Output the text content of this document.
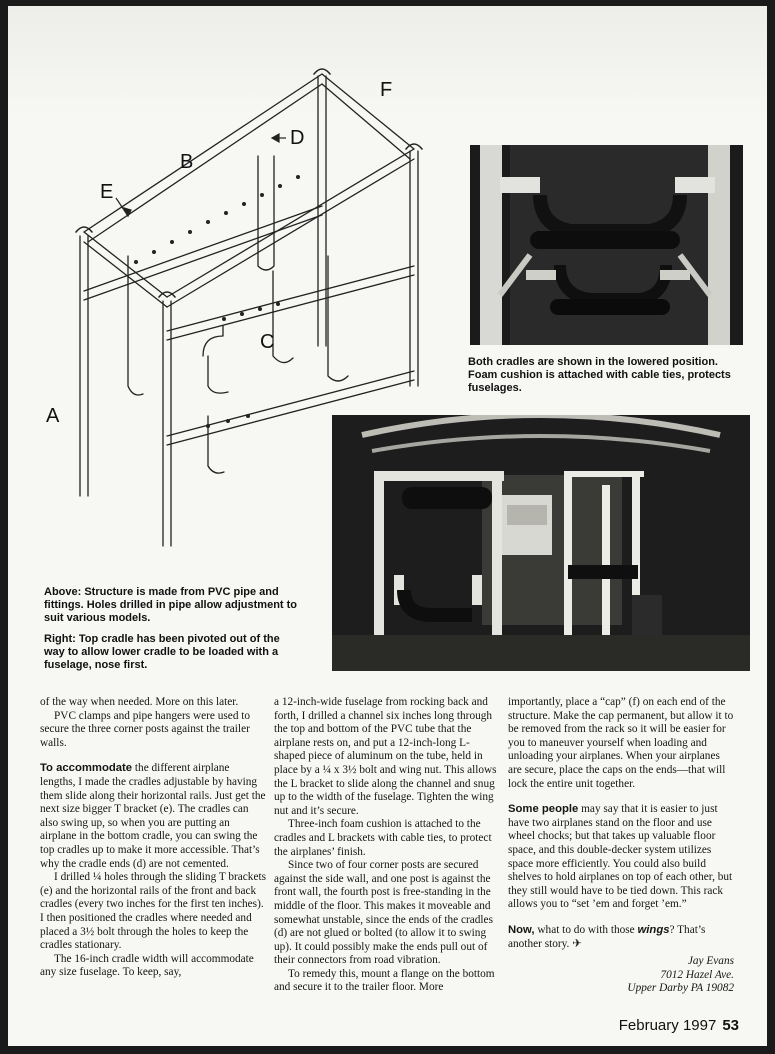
A
B
C
D
E
F

Both cradles are shown in the lowered position. Foam cushion is attached with cable ties, protects fuselages.

Above: Structure is made from PVC pipe and fittings. Holes drilled in pipe allow adjustment to suit various models.

Right: Top cradle has been pivoted out of the way to allow lower cradle to be loaded with a fuselage, nose first.

of the way when needed. More on this later.

PVC clamps and pipe hangers were used to secure the three corner posts against the trailer walls.

To accommodate the different airplane lengths, I made the cradles adjustable by having them slide along their horizontal rails. Just get the next size bigger T bracket (e). The cradles can also swing up, so when you are putting an airplane in the bottom cradle, you can swing the top cradles up to make it more accessible. That’s why the cradle ends (d) are not cemented.

I drilled ¼ holes through the sliding T brackets (e) and the horizontal rails of the front and back cradles (every two inches for the first ten inches). I then positioned the cradles where needed and placed a 3½ bolt through the holes to keep the cradles stationary.

The 16-inch cradle width will accommodate any size fuselage. To keep, say,

a 12-inch-wide fuselage from rocking back and forth, I drilled a channel six inches long through the top and bottom of the PVC tube that the airplane rests on, and put a 12-inch-long L-shaped piece of aluminum on the tube, held in place by a ¼ x 3½ bolt and wing nut. This allows the L bracket to slide along the channel and snug up to the width of the fuselage. Tighten the wing nut and it’s secure.

Three-inch foam cushion is attached to the cradles and L brackets with cable ties, to protect the airplanes’ finish.

Since two of four corner posts are secured against the side wall, and one post is against the front wall, the fourth post is free-standing in the middle of the floor. This makes it moveable and somewhat unstable, since the ends of the cradles (d) are not glued or bolted (to allow it to swing up). It could possibly make the ends pull out of their connectors from road vibration.

To remedy this, mount a flange on the bottom and secure it to the trailer floor. More

importantly, place a “cap” (f) on each end of the structure. Make the cap permanent, but allow it to be removed from the rack so it will be easier for you to maneuver yourself when loading and unloading your airplanes. When your airplanes are secure, place the caps on the ends—that will lock the entire unit together.

Some people may say that it is easier to just have two airplanes stand on the floor and use wheel chocks; but that takes up valuable floor space, and this double-decker system utilizes space more efficiently. You could also build shelves to hold airplanes on top of each other, but they still would have to be tied down. This rack allows you to “set ’em and forget ’em.”

Now, what to do with those wings? That’s another story. ✈

Jay Evans
7012 Hazel Ave.
Upper Darby PA 19082
February 1997 53
